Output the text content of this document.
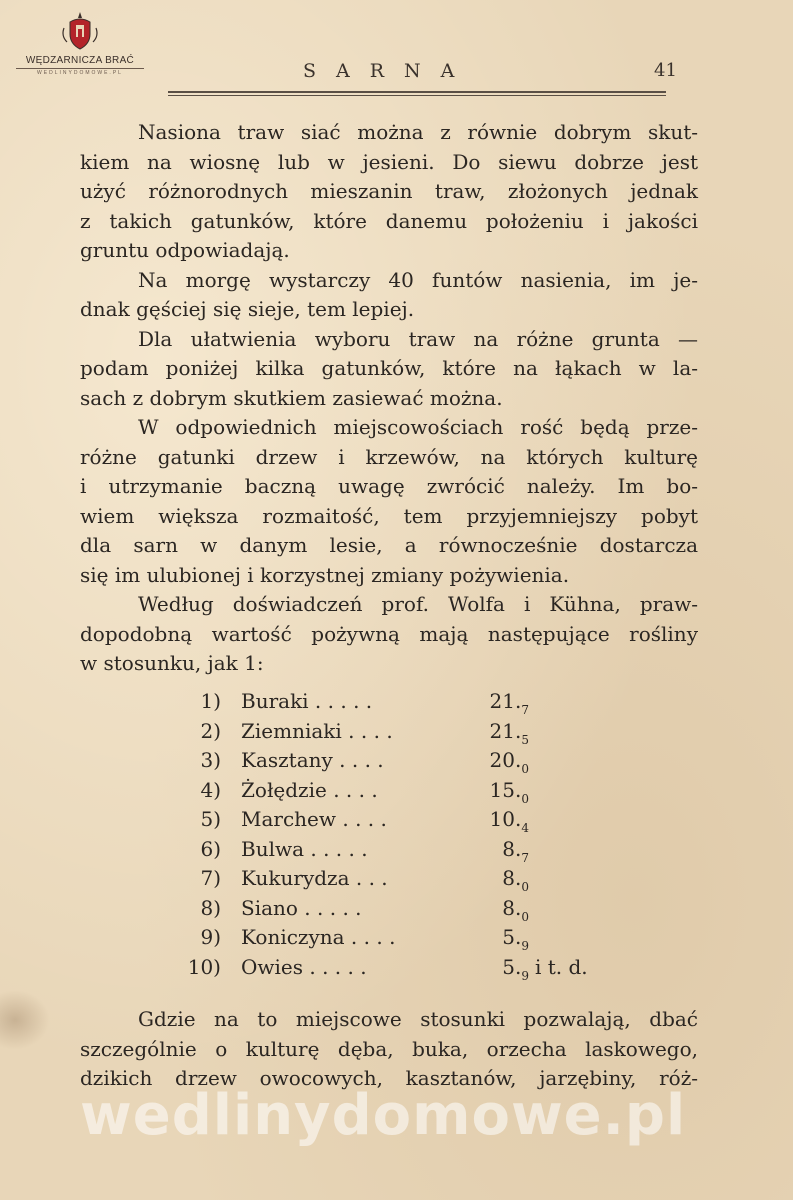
WĘDZARNICZA BRAĆ
WEDLINYDOMOWE.PL	SARNA	41
Nasiona traw siać można z równie dobrym skut-
kiem na wiosnę lub w jesieni. Do siewu dobrze jest
użyć różnorodnych mieszanin traw, złożonych jednak
z takich gatunków, które danemu położeniu i jakości
gruntu odpowiadają.
Na morgę wystarczy 40 funtów nasienia, im je-
dnak gęściej się sieje, tem lepiej.
Dla ułatwienia wyboru traw na różne grunta —
podam poniżej kilka gatunków, które na łąkach w la-
sach z dobrym skutkiem zasiewać można.
W odpowiednich miejscowościach rość będą prze-
różne gatunki drzew i krzewów, na których kulturę
i utrzymanie baczną uwagę zwrócić należy. Im bo-
wiem większa rozmaitość, tem przyjemniejszy pobyt
dla sarn w danym lesie, a równocześnie dostarcza
się im ulubionej i korzystnej zmiany pożywienia.
Według doświadczeń prof. Wolfa i Kühna, praw-
dopodobną wartość pożywną mają następujące rośliny
w stosunku, jak 1:
1) Buraki . . . . .	$21._7$
2) Ziemniaki . . . .	$21._5$
3) Kasztany . . . .	$20._0$
4) Żołędzie . . . .	$15._0$
5) Marchew . . . .	$10._4$
6) Bulwa . . . . .	$8._7$
7) Kukurydza . . .	$8._0$
8) Siano . . . . .	$8._0$
9) Koniczyna . . . .	$5._9$
10) Owies . . . . .	$5._9$ i t. d.
Gdzie na to miejscowe stosunki pozwalają, dbać
szczególnie o kulturę dęba, buka, orzecha laskowego,
dzikich drzew owocowych, kasztanów, jarzębiny, róż-
wedlinydomowe.pl
